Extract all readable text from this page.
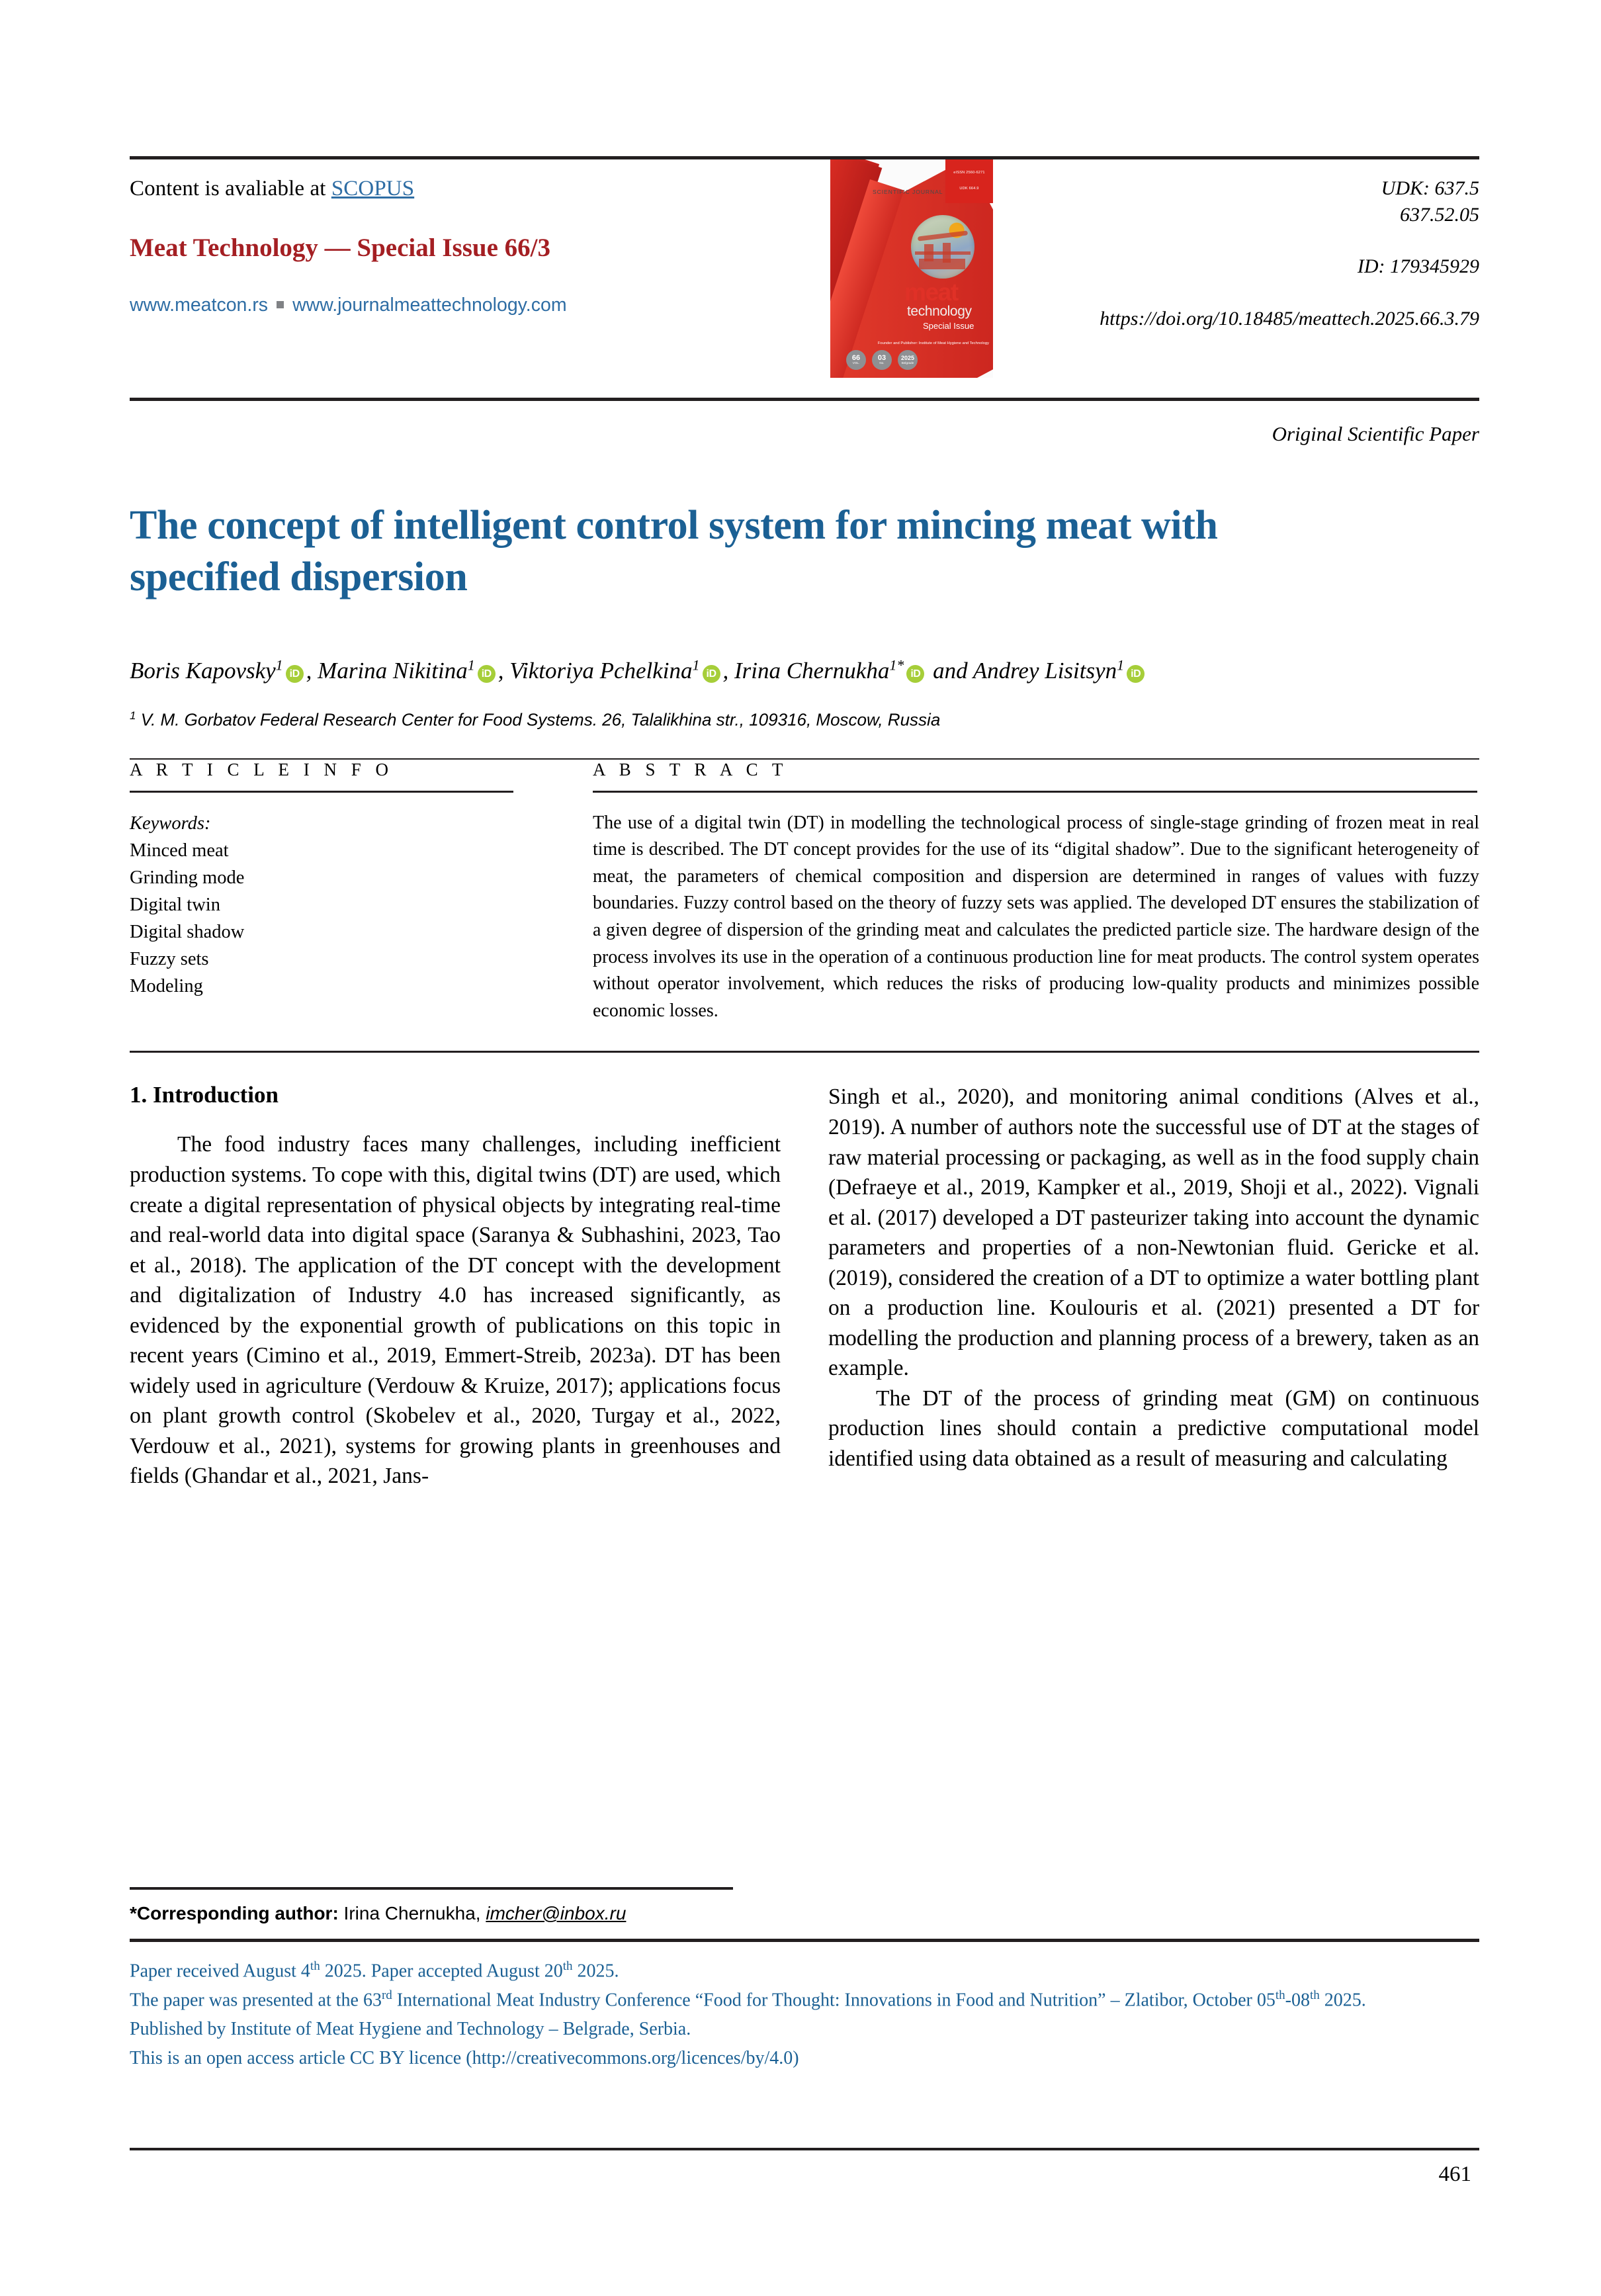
Content is avaliable at SCOPUS
Meat Technology — Special Issue 66/3
www.meatcon.rs www.journalmeattechnology.com
eISSN 2560-6271
UDK 664.9
SCIENTIFIC JOURNAL
meat
technology
Special Issue
Founder and Publisher: Institute of Meat Hygiene and Technology
66
VOL.
03
No.
2025
Belgrade
UDK: 637.5
637.52.05
ID: 179345929
https://doi.org/10.18485/meattech.2025.66.3.79
Original Scientific Paper
The concept of intelligent control system for mincing meat with specified dispersion
Boris Kapovsky$^1$iD , Marina Nikitina$^1$iD , Viktoriya Pchelkina$^1$iD , Irina Chernukha$^{1*}$iD and Andrey Lisitsyn$^1$iD
$^1$ V. M. Gorbatov Federal Research Center for Food Systems. 26, Talalikhina str., 109316, Moscow, Russia
A R T I C L E I N F O
Keywords:
Minced meat
Grinding mode
Digital twin
Digital shadow
Fuzzy sets
Modeling
A B S T R A C T
The use of a digital twin (DT) in modelling the technological process of single-stage grinding of frozen meat in real time is described. The DT concept provides for the use of its “digital shadow”. Due to the significant heterogeneity of meat, the parameters of chemical composition and dispersion are determined in ranges of values with fuzzy boundaries. Fuzzy control based on the theory of fuzzy sets was applied. The developed DT ensures the stabilization of a given degree of dispersion of the grinding meat and calculates the predicted particle size. The hardware design of the process involves its use in the operation of a continuous production line for meat products. The control system operates without operator involvement, which reduces the risks of producing low-quality products and minimizes possible economic losses.
1. Introduction

The food industry faces many challenges, including inefficient production systems. To cope with this, digital twins (DT) are used, which create a digital representation of physical objects by integrating real-time and real-world data into digital space (Saranya & Subhashini, 2023, Tao et al., 2018). The application of the DT concept with the development and digitalization of Industry 4.0 has increased significantly, as evidenced by the exponential growth of publications on this topic in recent years (Cimino et al., 2019, Emmert-Streib, 2023a). DT has been widely used in agriculture (Verdouw & Kruize, 2017); applications focus on plant growth control (Skobelev et al., 2020, Turgay et al., 2022, Verdouw et al., 2021), systems for growing plants in greenhouses and fields (Ghandar et al., 2021, Jans-

Singh et al., 2020), and monitoring animal conditions (Alves et al., 2019). A number of authors note the successful use of DT at the stages of raw material processing or packaging, as well as in the food supply chain (Defraeye et al., 2019, Kampker et al., 2019, Shoji et al., 2022). Vignali et al. (2017) developed a DT pasteurizer taking into account the dynamic parameters and properties of a non-Newtonian fluid. Gericke et al. (2019), considered the creation of a DT to optimize a water bottling plant on a production line. Koulouris et al. (2021) presented a DT for modelling the production and planning process of a brewery, taken as an example.

The DT of the process of grinding meat (GM) on continuous production lines should contain a predictive computational model identified using data obtained as a result of measuring and calculating

*Corresponding author: Irina Chernukha, imcher@inbox.ru
Paper received August 4th 2025. Paper accepted August 20th 2025.
The paper was presented at the 63rd International Meat Industry Conference “Food for Thought: Innovations in Food and Nutrition” – Zlatibor, October 05th-08th 2025.
Published by Institute of Meat Hygiene and Technology – Belgrade, Serbia.
This is an open access article CC BY licence (http://creativecommons.org/licences/by/4.0)
461
